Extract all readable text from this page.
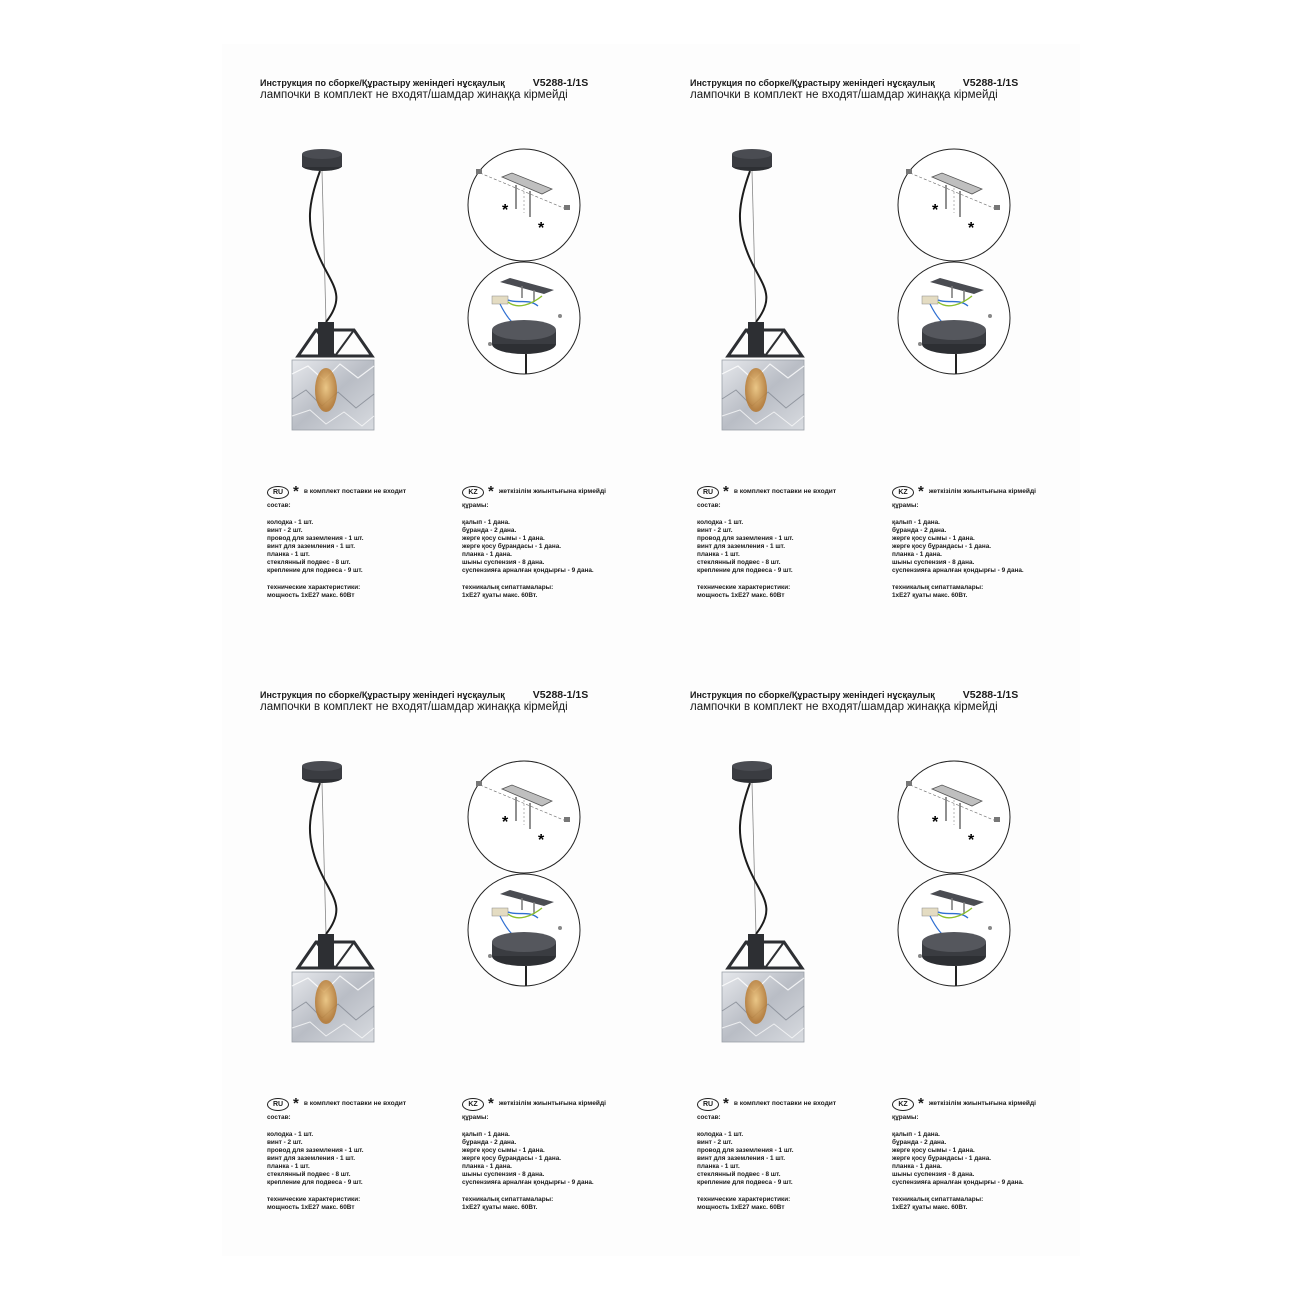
Инструкция по сборке/Құрастыру женіндегі нұсқаулық	V5288-1/1S
лампочки в комплект не входят/шамдар жинаққа кірмейді
*
*
RU * в комплект поставки не входит
состав:
колодка - 1 шт.
винт - 2 шт.
провод для заземления - 1 шт.
винт для заземления - 1 шт.
планка - 1 шт.
стеклянный подвес - 8 шт.
крепление для подвеса - 9 шт.
технические характеристики:
мощность 1xE27 макс. 60Вт
KZ * жеткізілім жиынтығына кірмейді
құрамы:
қалып - 1 дана.
бұранда - 2 дана.
жерге қосу сымы - 1 дана.
жерге қосу бұрандасы - 1 дана.
планка - 1 дана.
шыны суспензия - 8 дана.
суспензияға арналған қондырғы - 9 дана.
техникалық сипаттамалары:
1xE27 қуаты макс. 60Вт.
Инструкция по сборке/Құрастыру женіндегі нұсқаулық	V5288-1/1S
лампочки в комплект не входят/шамдар жинаққа кірмейді
*
*
RU * в комплект поставки не входит
состав:
колодка - 1 шт.
винт - 2 шт.
провод для заземления - 1 шт.
винт для заземления - 1 шт.
планка - 1 шт.
стеклянный подвес - 8 шт.
крепление для подвеса - 9 шт.
технические характеристики:
мощность 1xE27 макс. 60Вт
KZ * жеткізілім жиынтығына кірмейді
құрамы:
қалып - 1 дана.
бұранда - 2 дана.
жерге қосу сымы - 1 дана.
жерге қосу бұрандасы - 1 дана.
планка - 1 дана.
шыны суспензия - 8 дана.
суспензияға арналған қондырғы - 9 дана.
техникалық сипаттамалары:
1xE27 қуаты макс. 60Вт.
Инструкция по сборке/Құрастыру женіндегі нұсқаулық	V5288-1/1S
лампочки в комплект не входят/шамдар жинаққа кірмейді
*
*
RU * в комплект поставки не входит
состав:
колодка - 1 шт.
винт - 2 шт.
провод для заземления - 1 шт.
винт для заземления - 1 шт.
планка - 1 шт.
стеклянный подвес - 8 шт.
крепление для подвеса - 9 шт.
технические характеристики:
мощность 1xE27 макс. 60Вт
KZ * жеткізілім жиынтығына кірмейді
құрамы:
қалып - 1 дана.
бұранда - 2 дана.
жерге қосу сымы - 1 дана.
жерге қосу бұрандасы - 1 дана.
планка - 1 дана.
шыны суспензия - 8 дана.
суспензияға арналған қондырғы - 9 дана.
техникалық сипаттамалары:
1xE27 қуаты макс. 60Вт.
Инструкция по сборке/Құрастыру женіндегі нұсқаулық	V5288-1/1S
лампочки в комплект не входят/шамдар жинаққа кірмейді
*
*
RU * в комплект поставки не входит
состав:
колодка - 1 шт.
винт - 2 шт.
провод для заземления - 1 шт.
винт для заземления - 1 шт.
планка - 1 шт.
стеклянный подвес - 8 шт.
крепление для подвеса - 9 шт.
технические характеристики:
мощность 1xE27 макс. 60Вт
KZ * жеткізілім жиынтығына кірмейді
құрамы:
қалып - 1 дана.
бұранда - 2 дана.
жерге қосу сымы - 1 дана.
жерге қосу бұрандасы - 1 дана.
планка - 1 дана.
шыны суспензия - 8 дана.
суспензияға арналған қондырғы - 9 дана.
техникалық сипаттамалары:
1xE27 қуаты макс. 60Вт.
